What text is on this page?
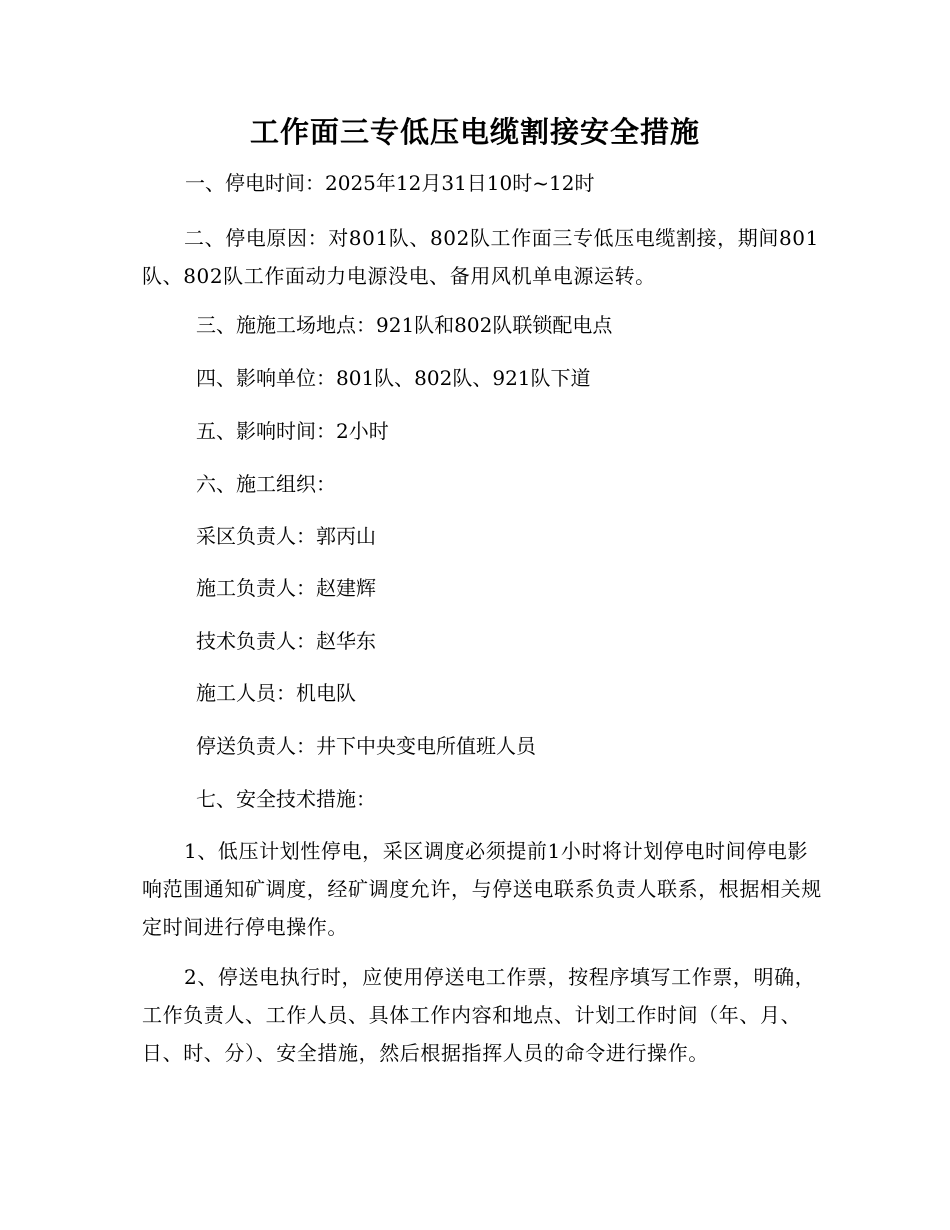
工作面三专低压电缆割接安全措施
一、停电时间：2025年12月31日10时~12时
二、停电原因：对801队、802队工作面三专低压电缆割接，期间801队、802队工作面动力电源没电、备用风机单电源运转。
三、施施工场地点：921队和802队联锁配电点
四、影响单位：801队、802队、921队下道
五、影响时间：2小时
六、施工组织：
采区负责人：郭丙山
施工负责人：赵建辉
技术负责人：赵华东
施工人员：机电队
停送负责人：井下中央变电所值班人员
七、安全技术措施：
1、低压计划性停电，采区调度必须提前1小时将计划停电时间停电影响范围通知矿调度，经矿调度允许，与停送电联系负责人联系，根据相关规定时间进行停电操作。
2、停送电执行时，应使用停送电工作票，按程序填写工作票，明确，工作负责人、工作人员、具体工作内容和地点、计划工作时间（年、月、日、时、分）、安全措施，然后根据指挥人员的命令进行操作。
